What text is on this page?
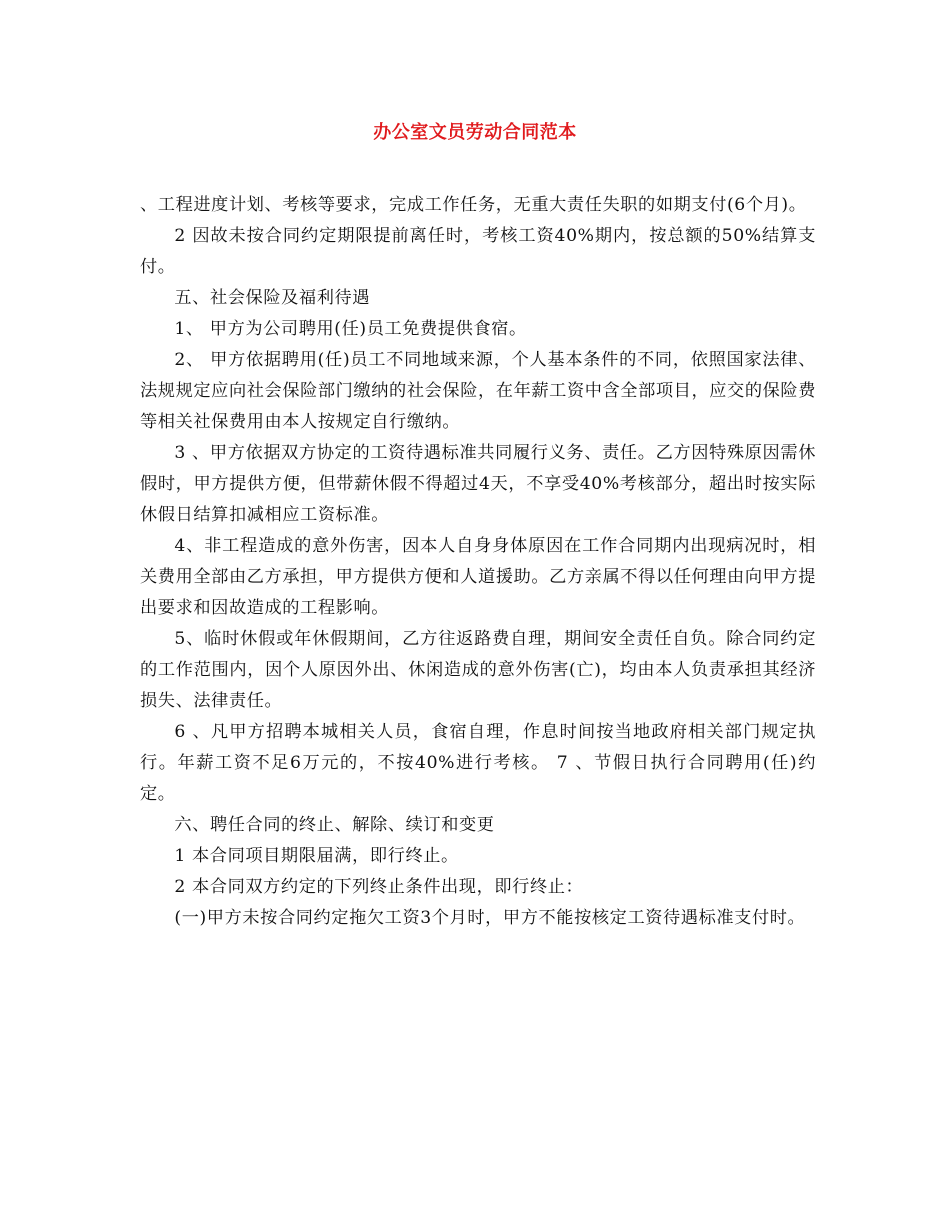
办公室文员劳动合同范本

、工程进度计划、考核等要求，完成工作任务，无重大责任失职的如期支付(6个月)。

2 因故未按合同约定期限提前离任时，考核工资40%期内，按总额的50%结算支付。

五、社会保险及福利待遇

1、 甲方为公司聘用(任)员工免费提供食宿。

2、 甲方依据聘用(任)员工不同地域来源，个人基本条件的不同，依照国家法律、法规规定应向社会保险部门缴纳的社会保险，在年薪工资中含全部项目，应交的保险费等相关社保费用由本人按规定自行缴纳。

3 、甲方依据双方协定的工资待遇标准共同履行义务、责任。乙方因特殊原因需休假时，甲方提供方便，但带薪休假不得超过4天，不享受40%考核部分，超出时按实际休假日结算扣减相应工资标准。

4、非工程造成的意外伤害，因本人自身身体原因在工作合同期内出现病况时，相关费用全部由乙方承担，甲方提供方便和人道援助。乙方亲属不得以任何理由向甲方提出要求和因故造成的工程影响。

5、临时休假或年休假期间，乙方往返路费自理，期间安全责任自负。除合同约定的工作范围内，因个人原因外出、休闲造成的意外伤害(亡)，均由本人负责承担其经济损失、法律责任。

6 、凡甲方招聘本城相关人员，食宿自理，作息时间按当地政府相关部门规定执行。年薪工资不足6万元的，不按40%进行考核。 7 、节假日执行合同聘用(任)约定。

六、聘任合同的终止、解除、续订和变更

1 本合同项目期限届满，即行终止。

2 本合同双方约定的下列终止条件出现，即行终止：

(一)甲方未按合同约定拖欠工资3个月时，甲方不能按核定工资待遇标准支付时。
